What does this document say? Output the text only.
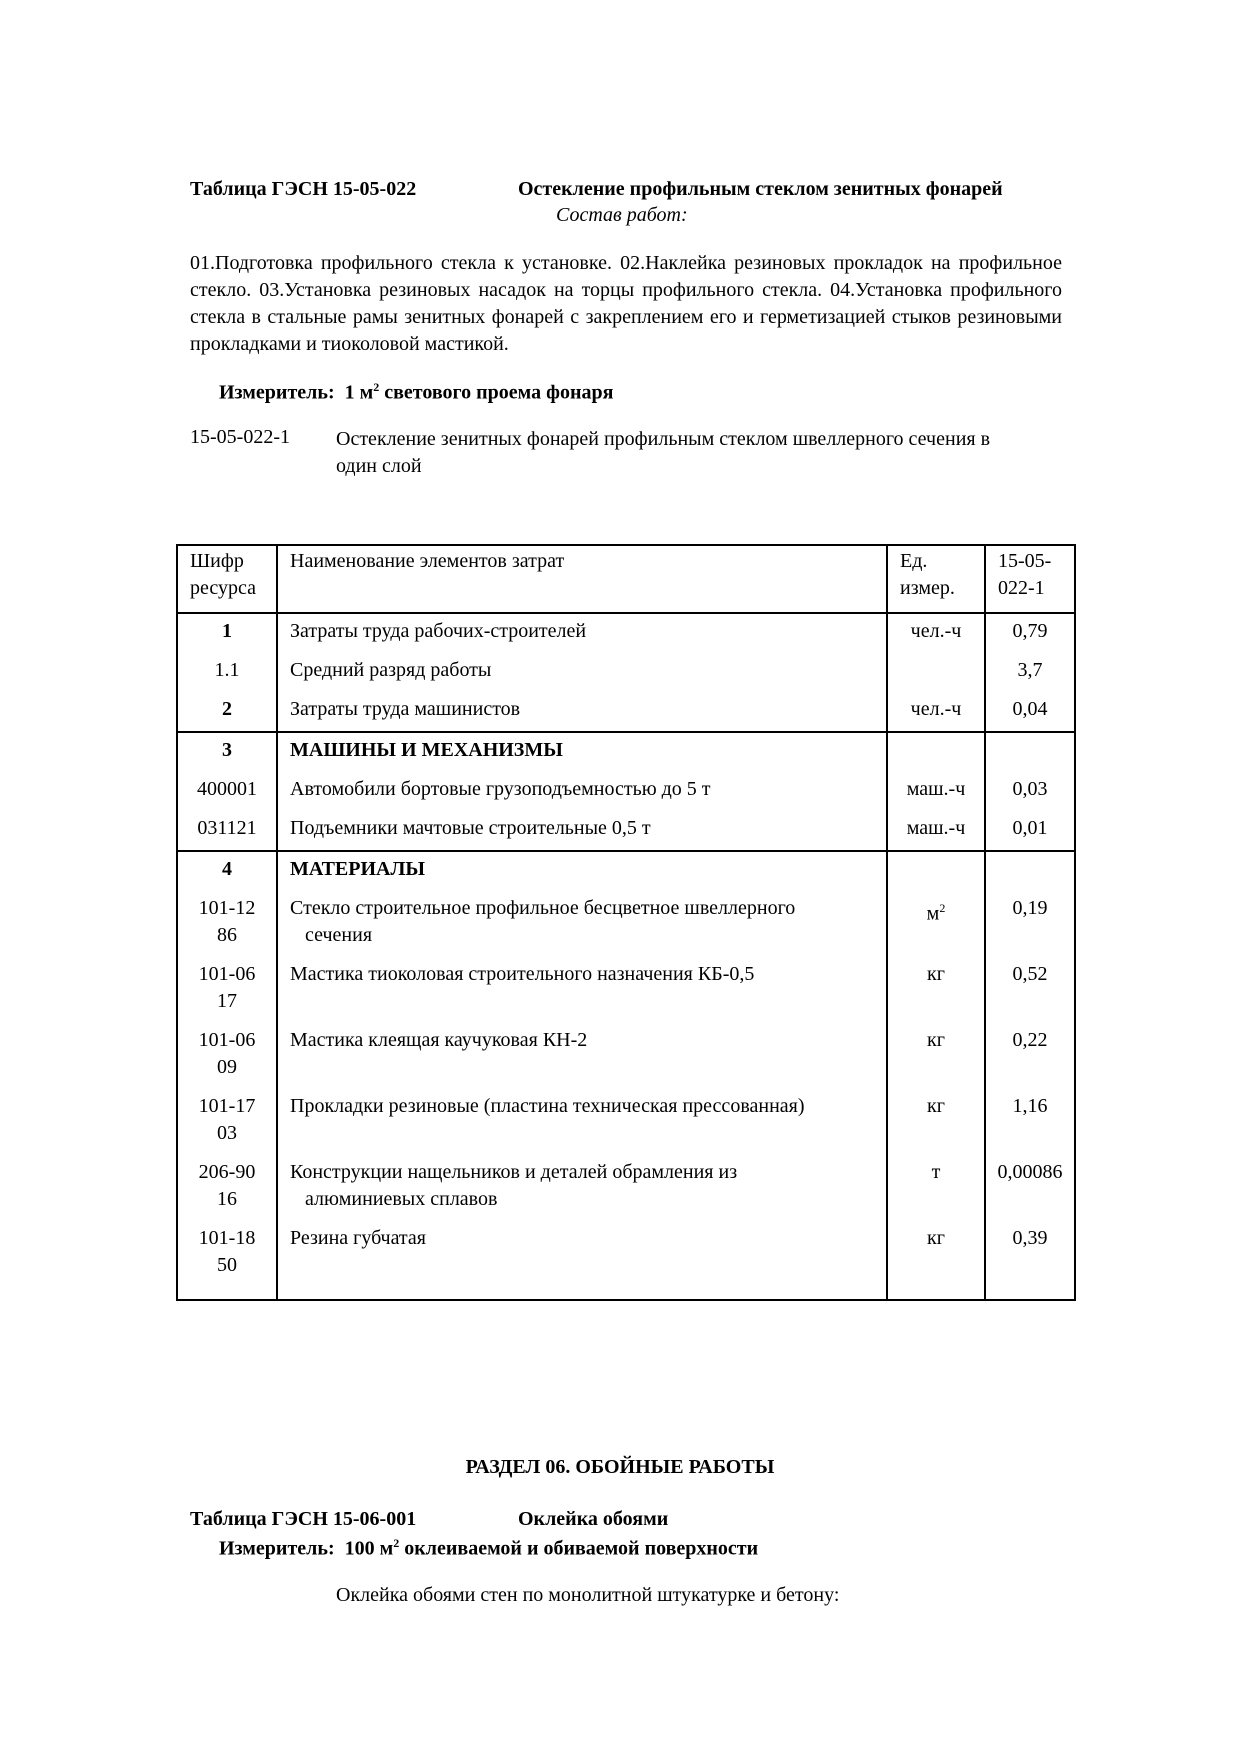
Таблица ГЭСН 15-05-022	Остекление профильным стеклом зенитных фонарей
Состав работ:
01.Подготовка профильного стекла к установке. 02.Наклейка резиновых прокладок на профильное стекло. 03.Установка резиновых насадок на торцы профильного стекла. 04.Установка профильного стекла в стальные рамы зенитных фонарей с закреплением его и герметизацией стыков резиновыми прокладками и тиоколовой мастикой.
Измеритель: 1 $м^2$ светового проема фонаря
15-05-022-1 Остекление зенитных фонарей профильным стеклом швеллерного сечения в один слой
Шифр ресурса	Наименование элементов затрат	Ед. измер.	15-05-022-1
1	Затраты труда рабочих-строителей	чел.-ч	0,79
1.1	Средний разряд работы		3,7
2	Затраты труда машинистов	чел.-ч	0,04
3	МАШИНЫ И МЕХАНИЗМЫ		
400001	Автомобили бортовые грузоподъемностью до 5 т	маш.-ч	0,03
031121	Подъемники мачтовые строительные 0,5 т	маш.-ч	0,01
4	МАТЕРИАЛЫ		
101-1286	Стекло строительное профильное бесцветное швеллерного
сечения	$м^2$	0,19
101-0617	Мастика тиоколовая строительного назначения КБ-0,5	кг	0,52
101-0609	Мастика клеящая каучуковая КН-2	кг	0,22
101-1703	Прокладки резиновые (пластина техническая прессованная)	кг	1,16
206-9016	Конструкции нащельников и деталей обрамления из
алюминиевых сплавов	т	0,00086
101-1850	Резина губчатая	кг	0,39
РАЗДЕЛ 06. ОБОЙНЫЕ РАБОТЫ
Таблица ГЭСН 15-06-001	Оклейка обоями
Измеритель: 100 $м^2$ оклеиваемой и обиваемой поверхности
Оклейка обоями стен по монолитной штукатурке и бетону:
